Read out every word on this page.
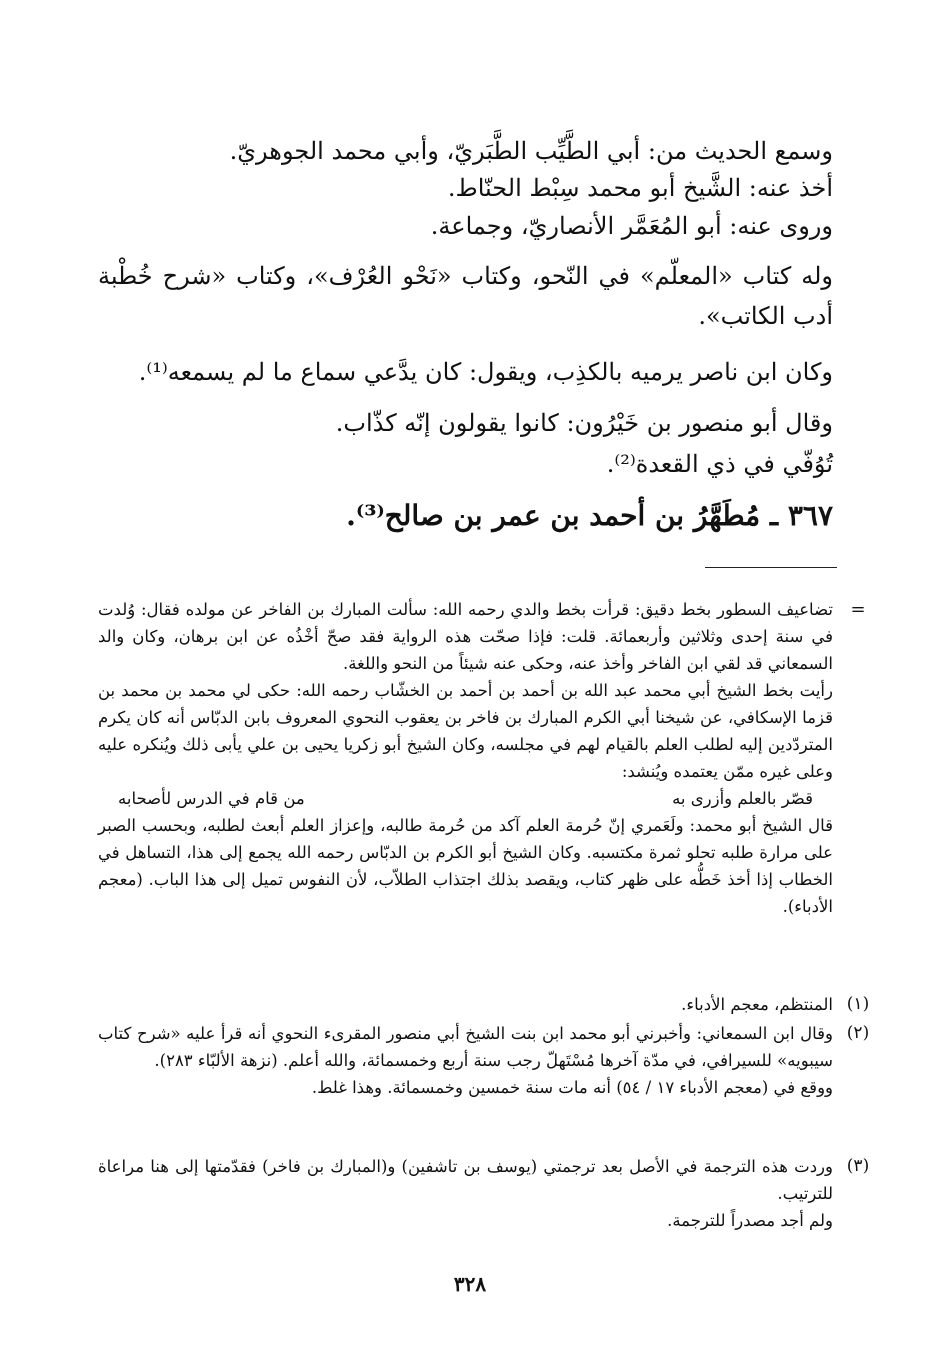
وسمع الحديث من: أبي الطَّيِّب الطَّبَريّ، وأبي محمد الجوهريّ.
أخذ عنه: الشَّيخ أبو محمد سِبْط الحنّاط.
وروى عنه: أبو المُعَمَّر الأنصاريّ، وجماعة.
وله كتاب «المعلّم» في النّحو، وكتاب «نَحْو العُرْف»، وكتاب «شرح خُطْبة أدب الكاتب».
وكان ابن ناصر يرميه بالكذِب، ويقول: كان يدَّعي سماع ما لم يسمعه⁽¹⁾.
وقال أبو منصور بن خَيْرُون: كانوا يقولون إنّه كذّاب.
تُوُفّي في ذي القعدة⁽²⁾.
٣٦٧ ـ مُطَهَّرُ بن أحمد بن عمر بن صالح⁽³⁾.
=
تضاعيف السطور بخط دقيق: قرأت بخط والدي رحمه الله: سألت المبارك بن الفاخر عن مولده فقال: وُلدت في سنة إحدى وثلاثين وأربعمائة. قلت: فإذا صحّت هذه الرواية فقد صحّ أخْذُه عن ابن برهان، وكان والد السمعاني قد لقي ابن الفاخر وأخذ عنه، وحكى عنه شيئاً من النحو واللغة.
رأيت بخط الشيخ أبي محمد عبد الله بن أحمد بن أحمد بن الخشّاب رحمه الله: حكى لي محمد بن محمد بن قزما الإسكافي، عن شيخنا أبي الكرم المبارك بن فاخر بن يعقوب النحوي المعروف بابن الدبّاس أنه كان يكرم المتردّدين إليه لطلب العلم بالقيام لهم في مجلسه، وكان الشيخ أبو زكريا يحيى بن علي يأبى ذلك ويُنكره عليه وعلى غيره ممّن يعتمده ويُنشد:
قصّر بالعلم وأزرى به
من قام في الدرس لأصحابه
قال الشيخ أبو محمد: ولَعَمري إنّ حُرمة العلم آكد من حُرمة طالبه، وإعزاز العلم أبعث لطلبه، وبحسب الصبر على مرارة طلبه تحلو ثمرة مكتسبه. وكان الشيخ أبو الكرم بن الدبّاس رحمه الله يجمع إلى هذا، التساهل في الخطاب إذا أخذ خَطُّه على ظهر كتاب، ويقصد بذلك اجتذاب الطلاّب، لأن النفوس تميل إلى هذا الباب. (معجم الأدباء).
(١)
المنتظم، معجم الأدباء.
(٢)
وقال ابن السمعاني: وأخبرني أبو محمد ابن بنت الشيخ أبي منصور المقرىء النحوي أنه قرأ عليه «شرح كتاب سيبويه» للسيرافي، في مدّة آخرها مُسْتَهلّ رجب سنة أربع وخمسمائة، والله أعلم. (نزهة الألبّاء ٢٨٣).
ووقع في (معجم الأدباء ١٧ / ٥٤) أنه مات سنة خمسين وخمسمائة. وهذا غلط.
(٣)
وردت هذه الترجمة في الأصل بعد ترجمتي (يوسف بن تاشفين) و(المبارك بن فاخر) فقدّمتها إلى هنا مراعاة للترتيب.
ولم أجد مصدراً للترجمة.
٣٢٨
